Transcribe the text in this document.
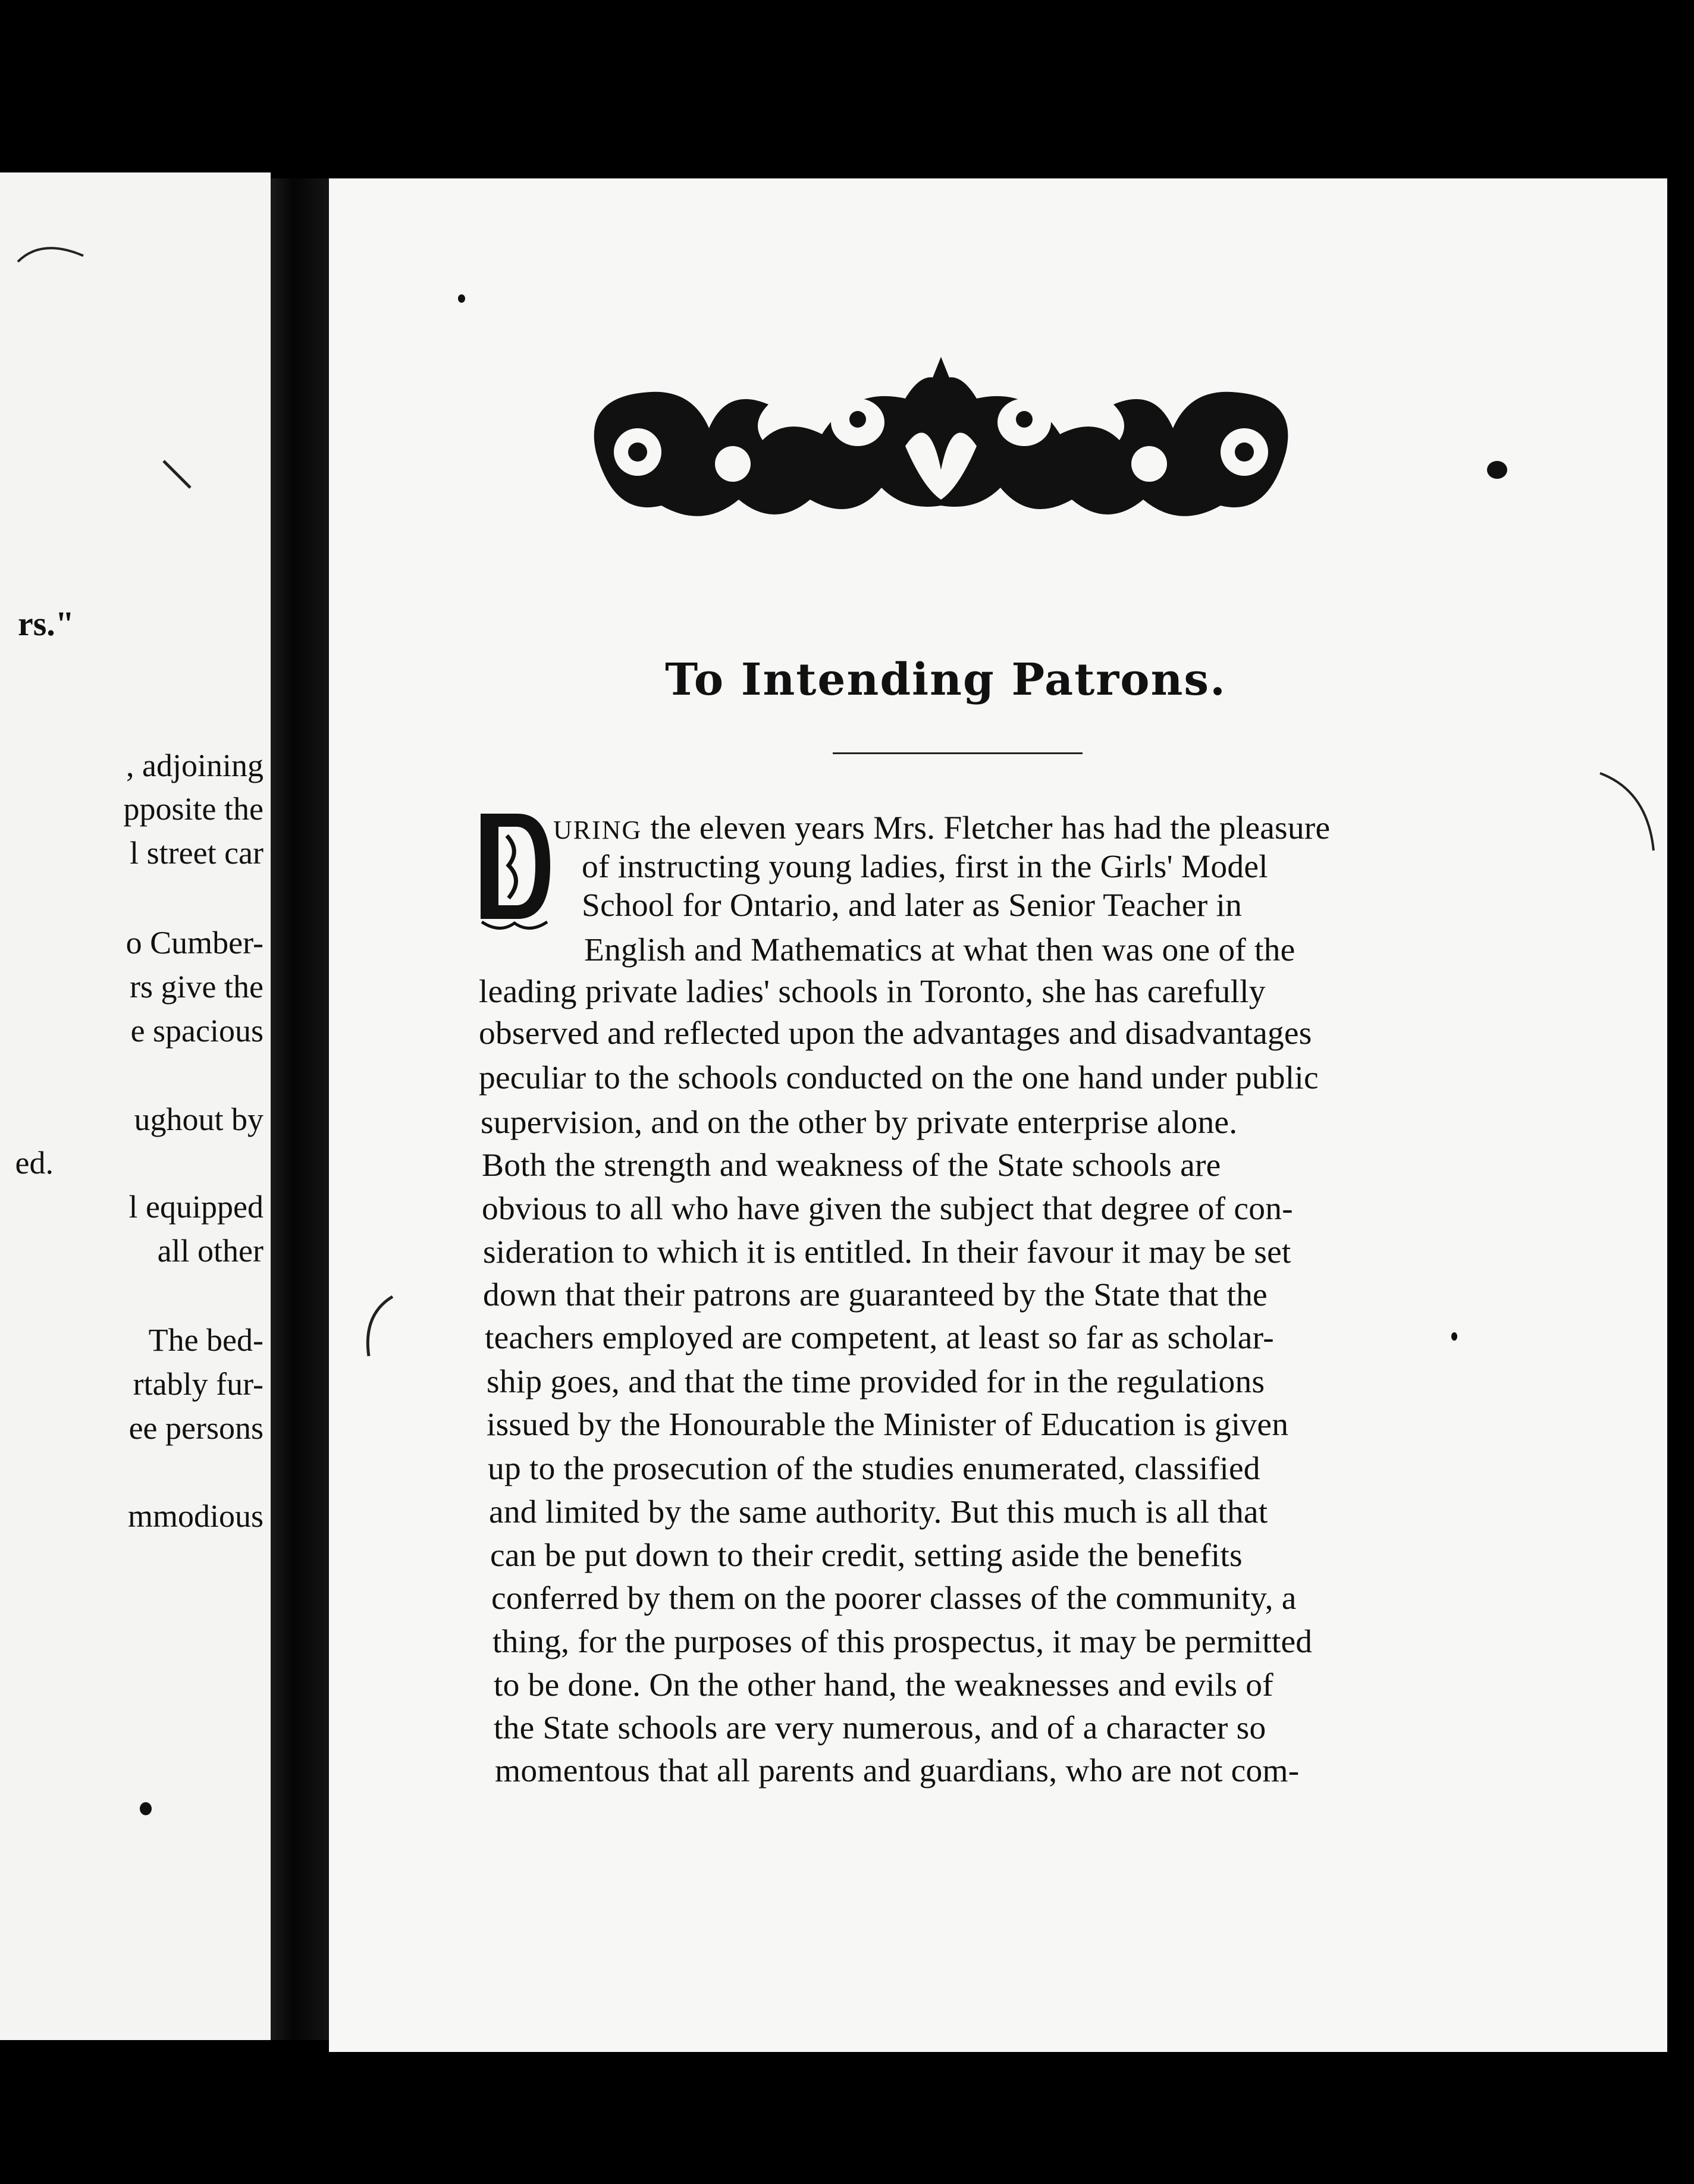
rs."
, adjoining
pposite the
l street car
o Cumber-
rs give the
e spacious
ughout by
ed.
l equipped
all other
The bed-
rtably fur-
ee persons
mmodious
To Intending Patrons.
URING the eleven years Mrs. Fletcher has had the pleasure
of instructing young ladies, first in the Girls' Model
School for Ontario, and later as Senior Teacher in
English and Mathematics at what then was one of the
leading private ladies' schools in Toronto, she has carefully
observed and reflected upon the advantages and disadvantages
peculiar to the schools conducted on the one hand under public
supervision, and on the other by private enterprise alone.
Both the strength and weakness of the State schools are
obvious to all who have given the subject that degree of con-
sideration to which it is entitled. In their favour it may be set
down that their patrons are guaranteed by the State that the
teachers employed are competent, at least so far as scholar-
ship goes, and that the time provided for in the regulations
issued by the Honourable the Minister of Education is given
up to the prosecution of the studies enumerated, classified
and limited by the same authority. But this much is all that
can be put down to their credit, setting aside the benefits
conferred by them on the poorer classes of the community, a
thing, for the purposes of this prospectus, it may be permitted
to be done. On the other hand, the weaknesses and evils of
the State schools are very numerous, and of a character so
momentous that all parents and guardians, who are not com-
